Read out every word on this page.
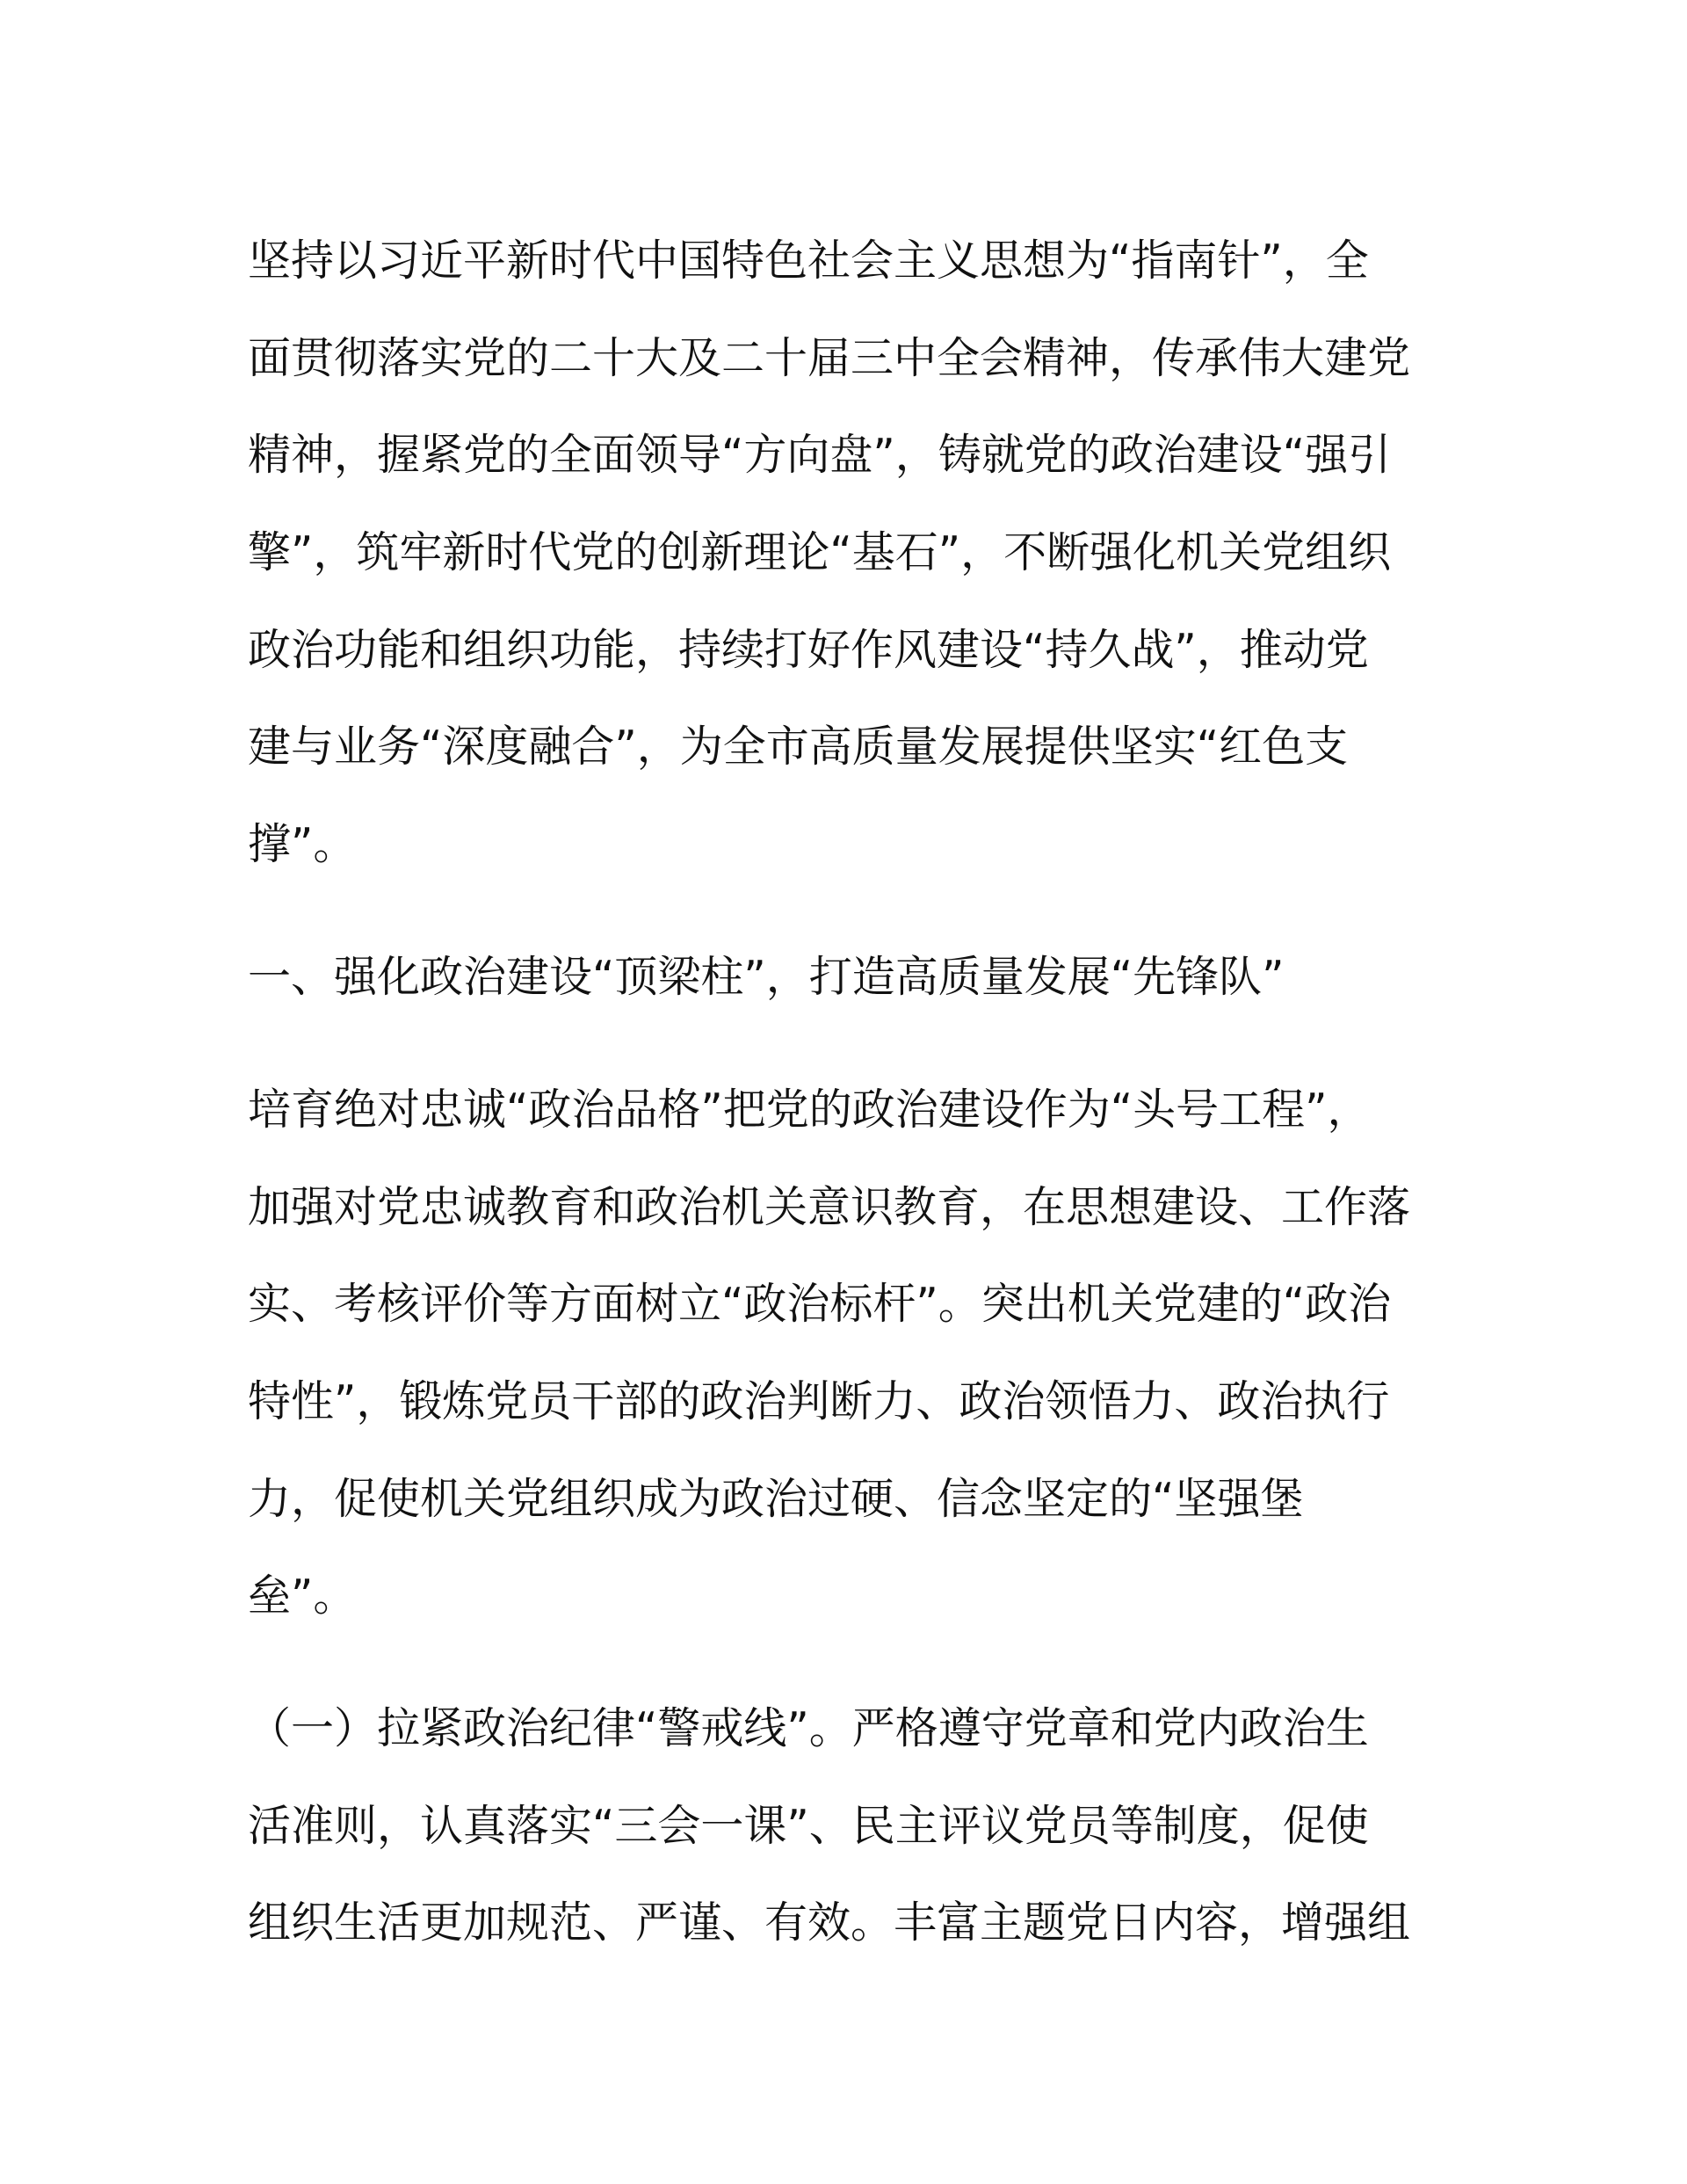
坚持以习近平新时代中国特色社会主义思想为“指南针”，全
面贯彻落实党的二十大及二十届三中全会精神，传承伟大建党
精神，握紧党的全面领导“方向盘”，铸就党的政治建设“强引
擎”，筑牢新时代党的创新理论“基石”，不断强化机关党组织
政治功能和组织功能，持续打好作风建设“持久战”，推动党
建与业务“深度融合”，为全市高质量发展提供坚实“红色支
撑”。
一、强化政治建设“顶梁柱”，打造高质量发展“先锋队”
培育绝对忠诚“政治品格”把党的政治建设作为“头号工程”，
加强对党忠诚教育和政治机关意识教育，在思想建设、工作落
实、考核评价等方面树立“政治标杆”。突出机关党建的“政治
特性”，锻炼党员干部的政治判断力、政治领悟力、政治执行
力，促使机关党组织成为政治过硬、信念坚定的“坚强堡
垒”。
（一）拉紧政治纪律“警戒线”。严格遵守党章和党内政治生
活准则，认真落实“三会一课”、民主评议党员等制度，促使
组织生活更加规范、严谨、有效。丰富主题党日内容，增强组
